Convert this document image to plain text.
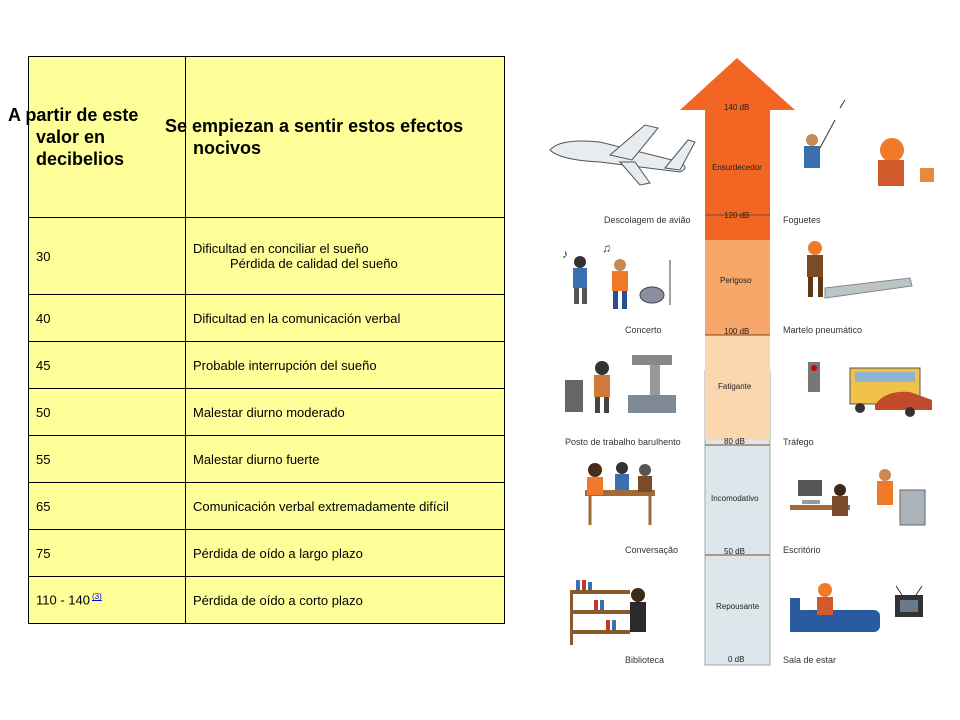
A partir de este valor en decibelios	Se empiezan a sentir estos efectos nocivos
30	Dificultad en conciliar el sueño
Pérdida de calidad del sueño

40	Dificultad en la comunicación verbal
45	Probable interrupción del sueño
50	Malestar diurno moderado
55	Malestar diurno fuerte
65	Comunicación verbal extremadamente difícil
75	Pérdida de oído a largo plazo
110 - 140 $^{(3)}$	Pérdida de oído a corto plazo
♪	♫
140 dB
120 dB
100 dB
80 dB
50 dB
0 dB
Ensurdecedor
Perigoso
Fatigante
Incomodativo
Repousante
Descolagem de avião
Concerto
Posto de trabalho barulhento
Conversação
Biblioteca
Foguetes
Martelo pneumático
Tráfego
Escritório
Sala de estar
